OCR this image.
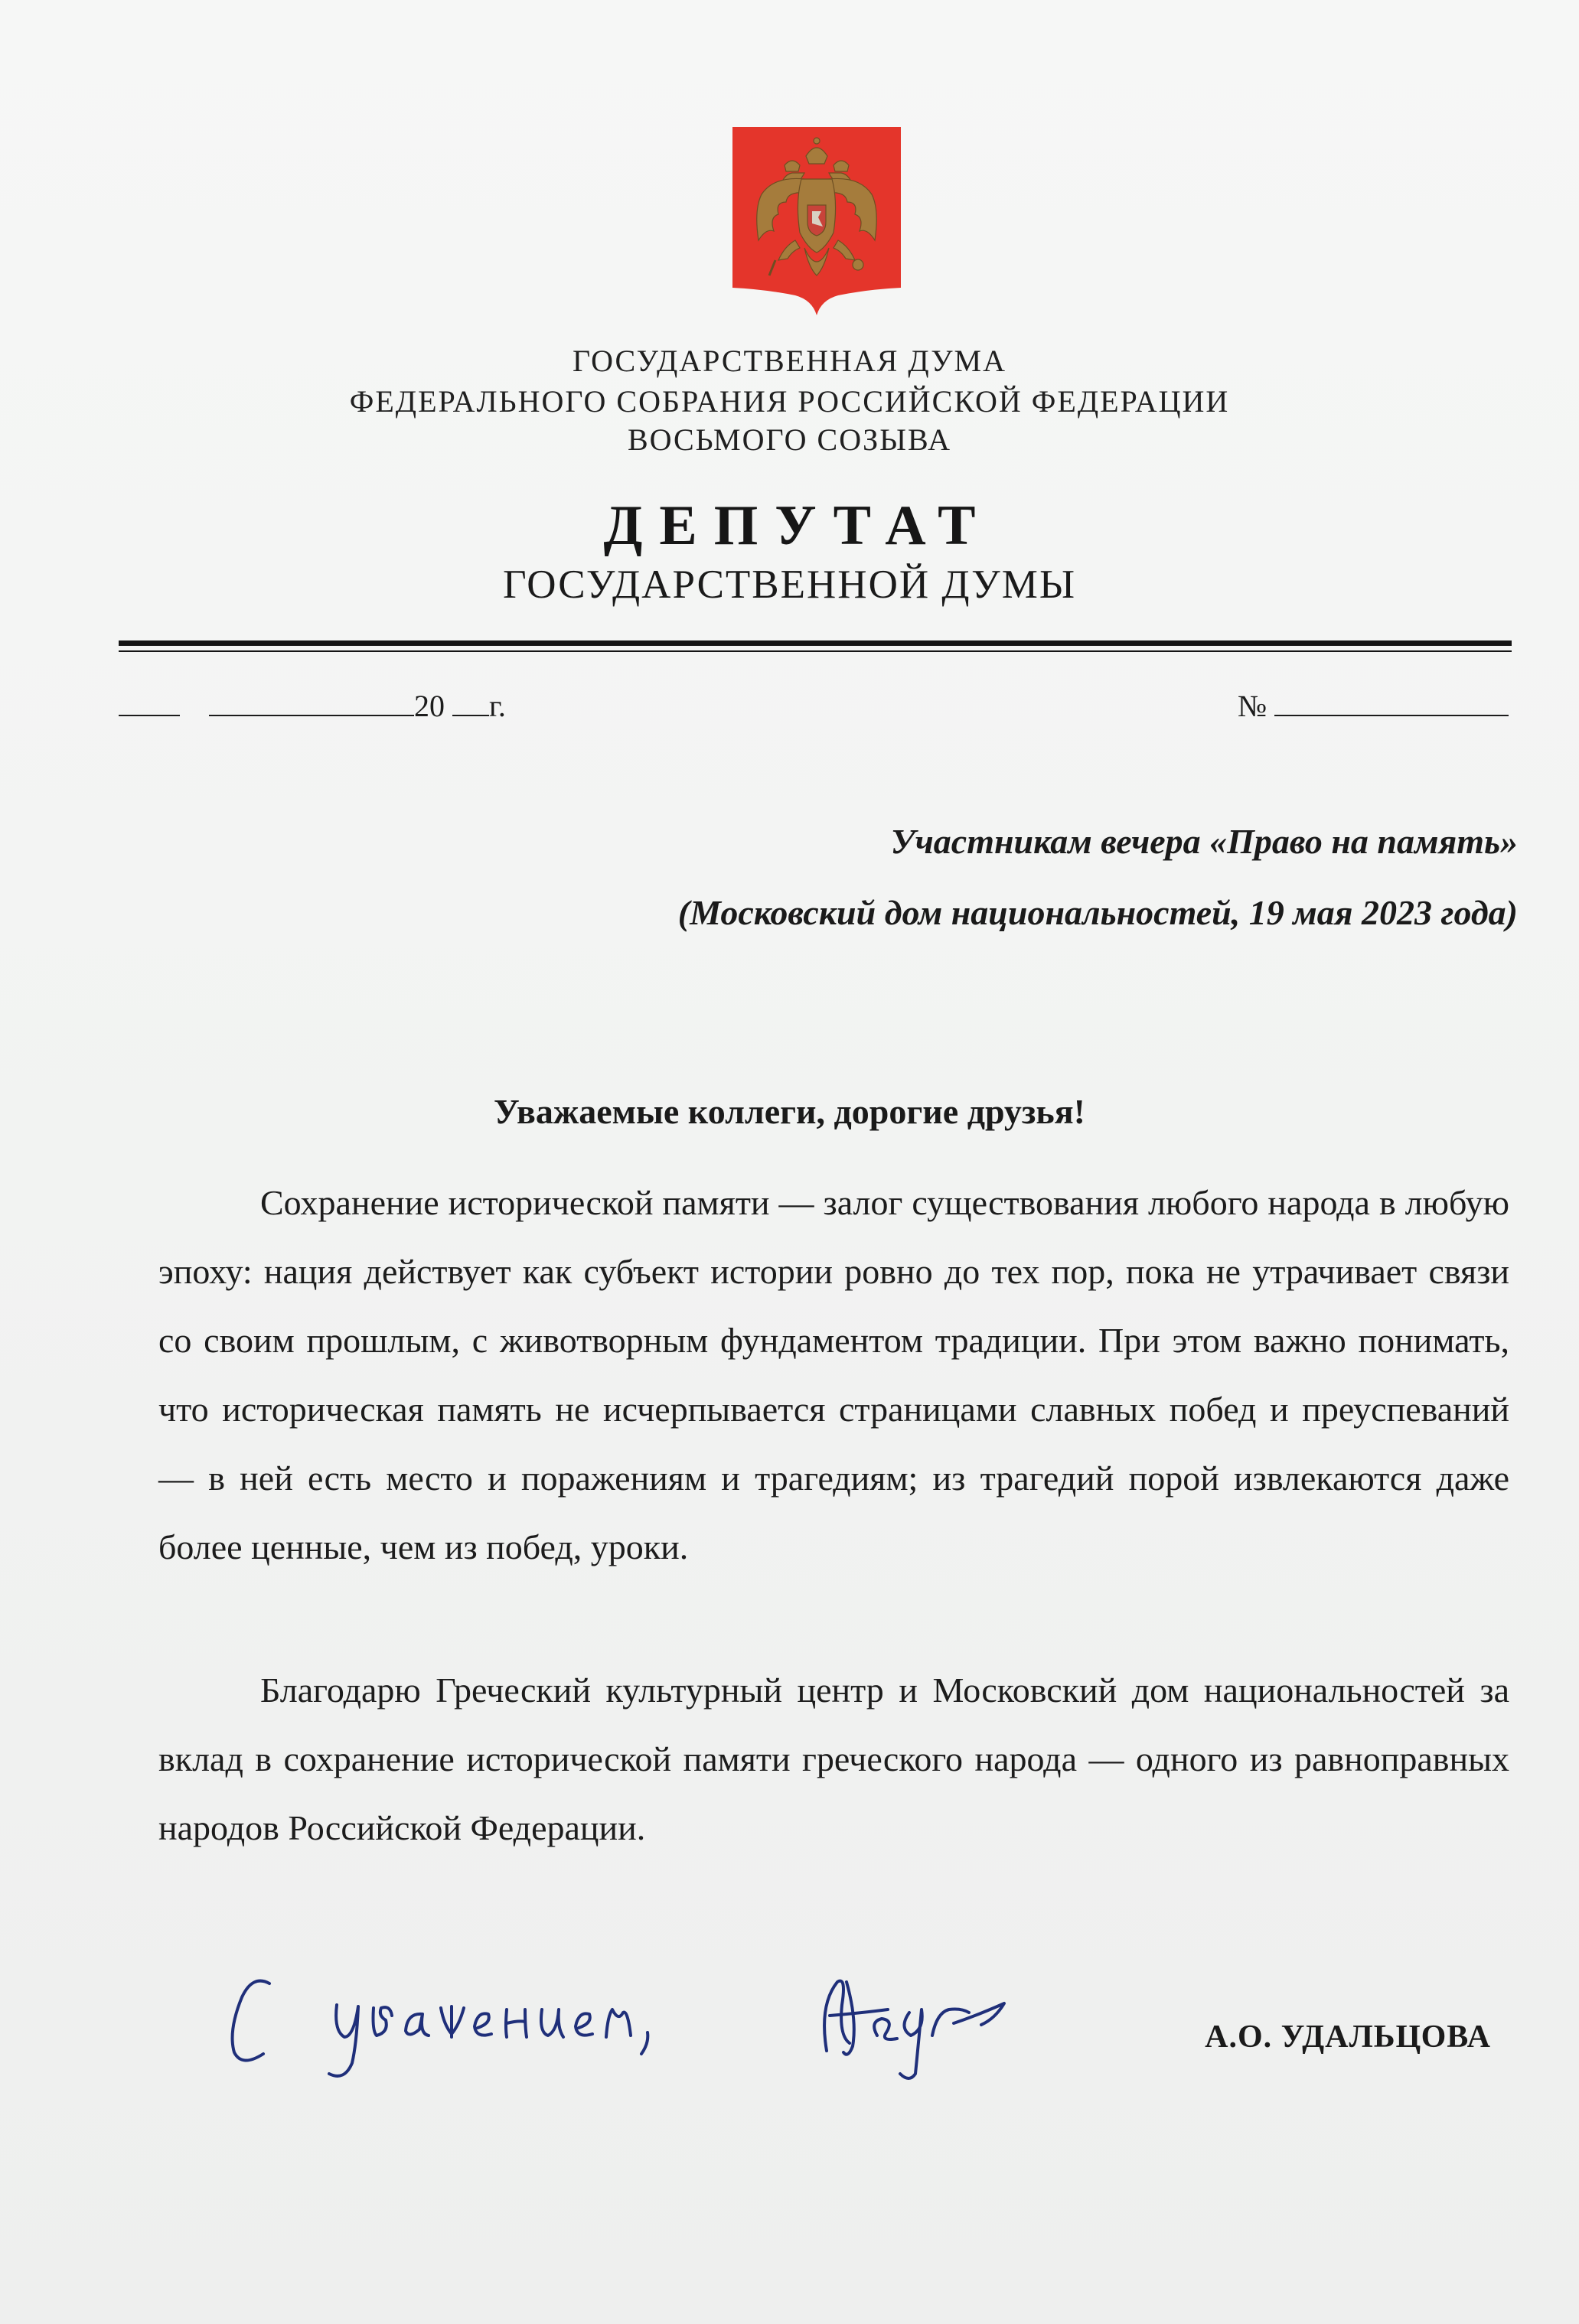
ГОСУДАРСТВЕННАЯ ДУМА
ФЕДЕРАЛЬНОГО СОБРАНИЯ РОССИЙСКОЙ ФЕДЕРАЦИИ
ВОСЬМОГО СОЗЫВА
ДЕПУТАТ
ГОСУДАРСТВЕННОЙ ДУМЫ
20 г.	№
Участникам вечера «Право на память»
(Московский дом национальностей, 19 мая 2023 года)
Уважаемые коллеги, дорогие друзья!
Сохранение исторической памяти — залог существования любого народа в любую эпоху: нация действует как субъект истории ровно до тех пор, пока не утрачивает связи со своим прошлым, с животворным фундаментом традиции. При этом важно понимать, что историческая память не исчерпывается страницами славных побед и преуспеваний — в ней есть место и поражениям и трагедиям; из трагедий порой извлекаются даже более ценные, чем из побед, уроки.
Благодарю Греческий культурный центр и Московский дом национальностей за вклад в сохранение исторической памяти греческого народа — одного из равноправных народов Российской Федерации.
А.О. УДАЛЬЦОВА
